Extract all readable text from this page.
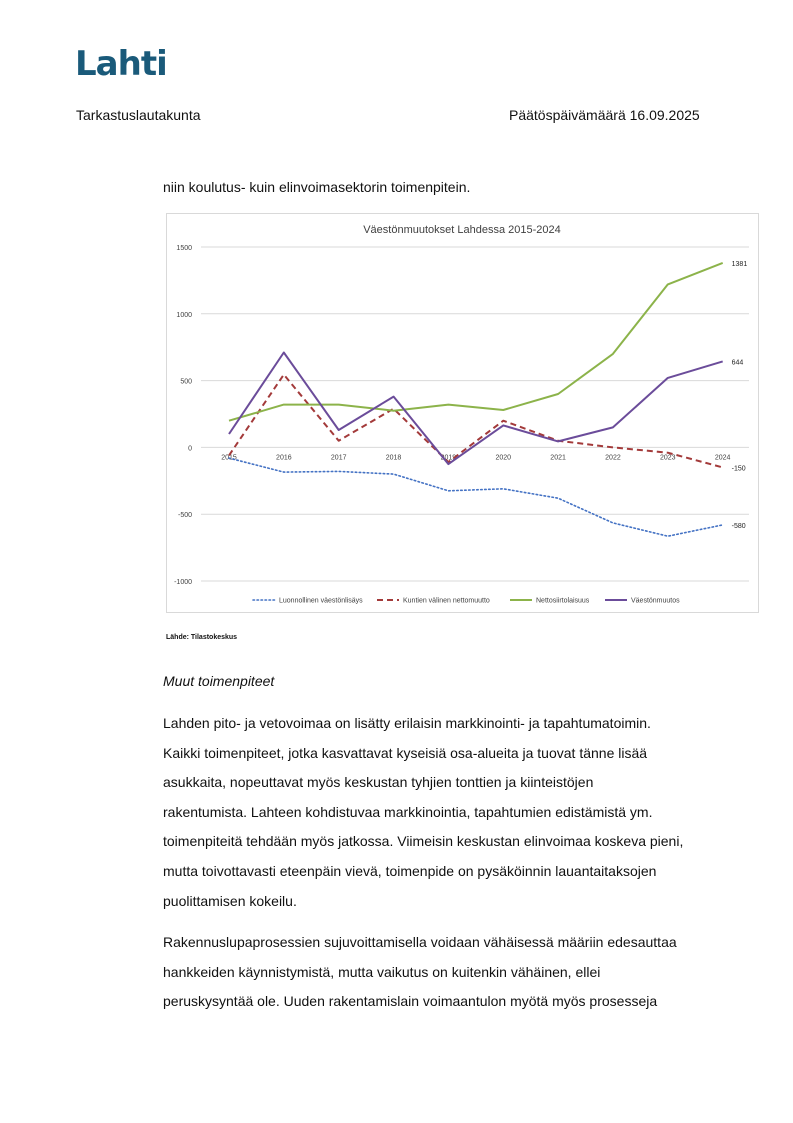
Lahti
Tarkastuslautakunta	Päätöspäivämäärä 16.09.2025
niin koulutus- kuin elinvoimasektorin toimenpitein.
Väestönmuutokset Lahdessa 2015-2024
-1000
-500
0
500
1000
1500
2015	2016	2017	2018	2019	2020	2021	2022	2023	2024
-580
-150
1381
644
Luonnollinen väestönlisäys	Kuntien välinen nettomuutto	Nettosiirtolaisuus	Väestönmuutos
Lähde: Tilastokeskus
Muut toimenpiteet

Lahden pito- ja vetovoimaa on lisätty erilaisin markkinointi- ja tapahtumatoimin.
Kaikki toimenpiteet, jotka kasvattavat kyseisiä osa-alueita ja tuovat tänne lisää
asukkaita, nopeuttavat myös keskustan tyhjien tonttien ja kiinteistöjen
rakentumista. Lahteen kohdistuvaa markkinointia, tapahtumien edistämistä ym.
toimenpiteitä tehdään myös jatkossa. Viimeisin keskustan elinvoimaa koskeva pieni,
mutta toivottavasti eteenpäin vievä, toimenpide on pysäköinnin lauantaitaksojen
puolittamisen kokeilu.

Rakennuslupaprosessien sujuvoittamisella voidaan vähäisessä määriin edesauttaa
hankkeiden käynnistymistä, mutta vaikutus on kuitenkin vähäinen, ellei
peruskysyntää ole. Uuden rakentamislain voimaantulon myötä myös prosesseja
